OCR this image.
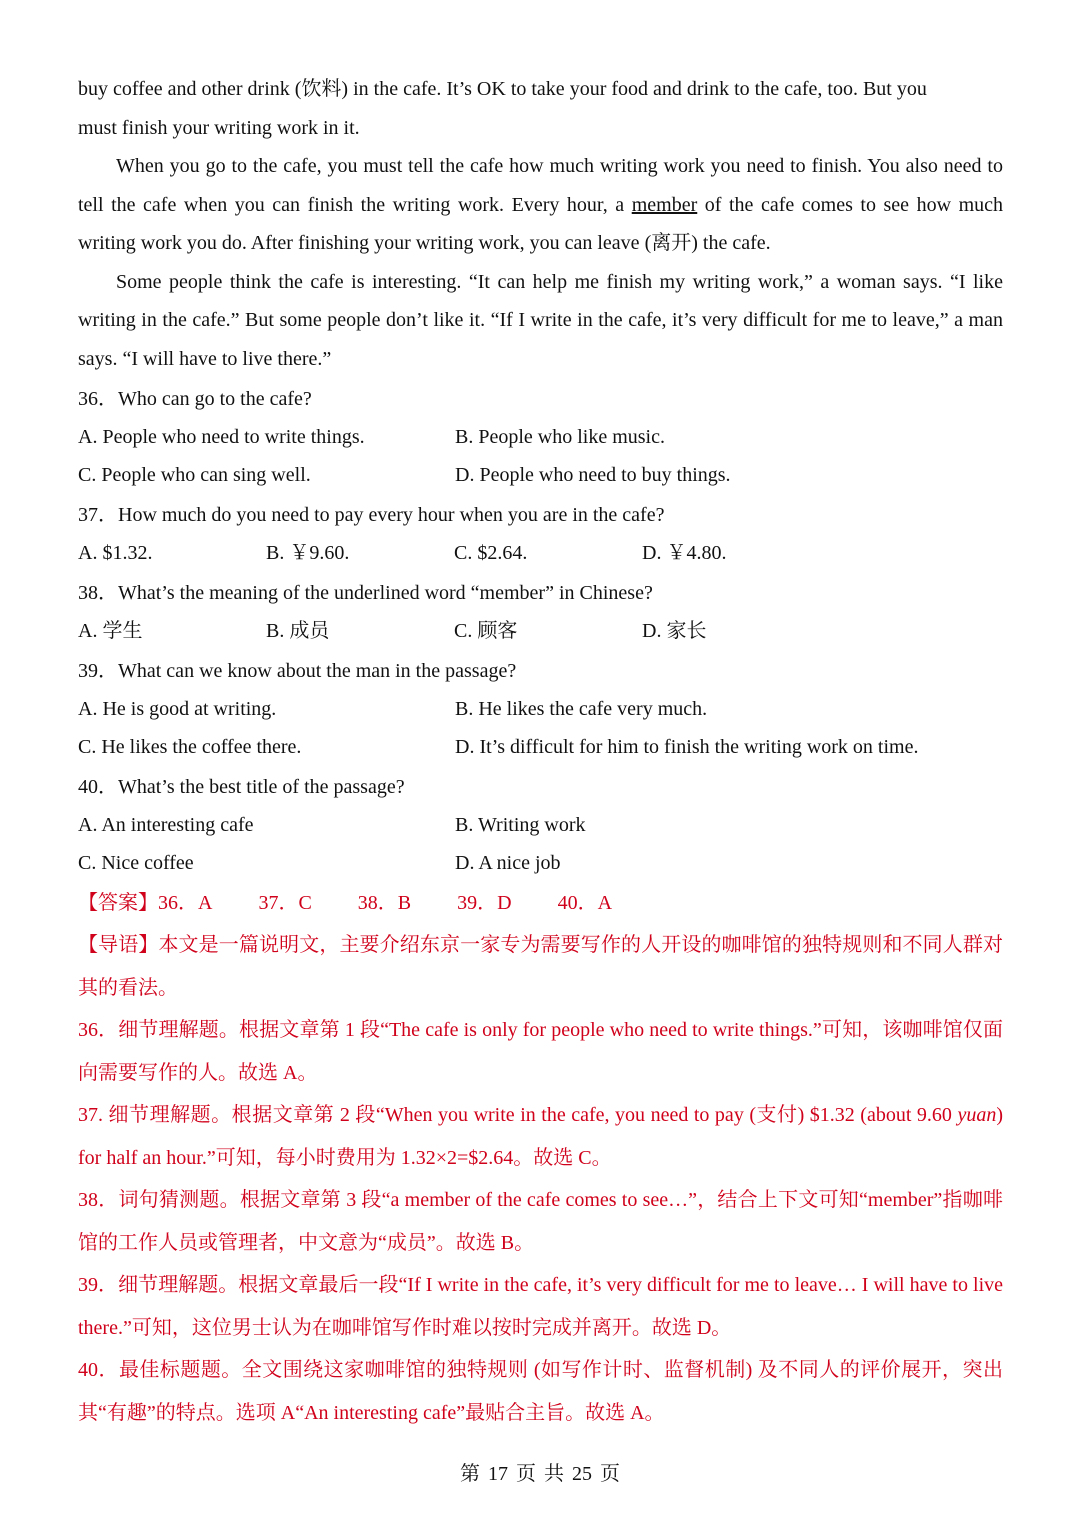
buy coffee and other drink (饮料) in the cafe. It’s OK to take your food and drink to the cafe, too. But you
must finish your writing work in it.

When you go to the cafe, you must tell the cafe how much writing work you need to finish. You also need to tell the cafe when you can finish the writing work. Every hour, a member of the cafe comes to see how much writing work you do. After finishing your writing work, you can leave (离开) the cafe.

Some people think the cafe is interesting. “It can help me finish my writing work,” a woman says. “I like writing in the cafe.” But some people don’t like it. “If I write in the cafe, it’s very difficult for me to leave,” a man says. “I will have to live there.”

36．Who can go to the cafe?

A. People who need to write things.	B. People who like music.
C. People who can sing well.	D. People who need to buy things.

37．How much do you need to pay every hour when you are in the cafe?

A. $1.32.	B. ￥9.60.	C. $2.64.	D. ￥4.80.

38．What’s the meaning of the underlined word “member” in Chinese?

A. 学生	B. 成员	C. 顾客	D. 家长

39．What can we know about the man in the passage?

A. He is good at writing.	B. He likes the cafe very much.
C. He likes the coffee there.	D. It’s difficult for him to finish the writing work on time.

40．What’s the best title of the passage?

A. An interesting cafe	B. Writing work
C. Nice coffee	D. A nice job

【答案】36．A 37．C 38．B 39．D 40．A

【导语】本文是一篇说明文，主要介绍东京一家专为需要写作的人开设的咖啡馆的独特规则和不同人群对其的看法。

36．细节理解题。根据文章第 1 段“The cafe is only for people who need to write things.”可知，该咖啡馆仅面向需要写作的人。故选 A。

37. 细节理解题。根据文章第 2 段“When you write in the cafe, you need to pay (支付) $1.32 (about 9.60 yuan) for half an hour.”可知，每小时费用为 1.32×2=$2.64。故选 C。

38．词句猜测题。根据文章第 3 段“a member of the cafe comes to see…”，结合上下文可知“member”指咖啡馆的工作人员或管理者，中文意为“成员”。故选 B。

39．细节理解题。根据文章最后一段“If I write in the cafe, it’s very difficult for me to leave… I will have to live there.”可知，这位男士认为在咖啡馆写作时难以按时完成并离开。故选 D。

40．最佳标题题。全文围绕这家咖啡馆的独特规则 (如写作计时、监督机制) 及不同人的评价展开，突出其“有趣”的特点。选项 A“An interesting cafe”最贴合主旨。故选 A。

第 17 页 共 25 页
